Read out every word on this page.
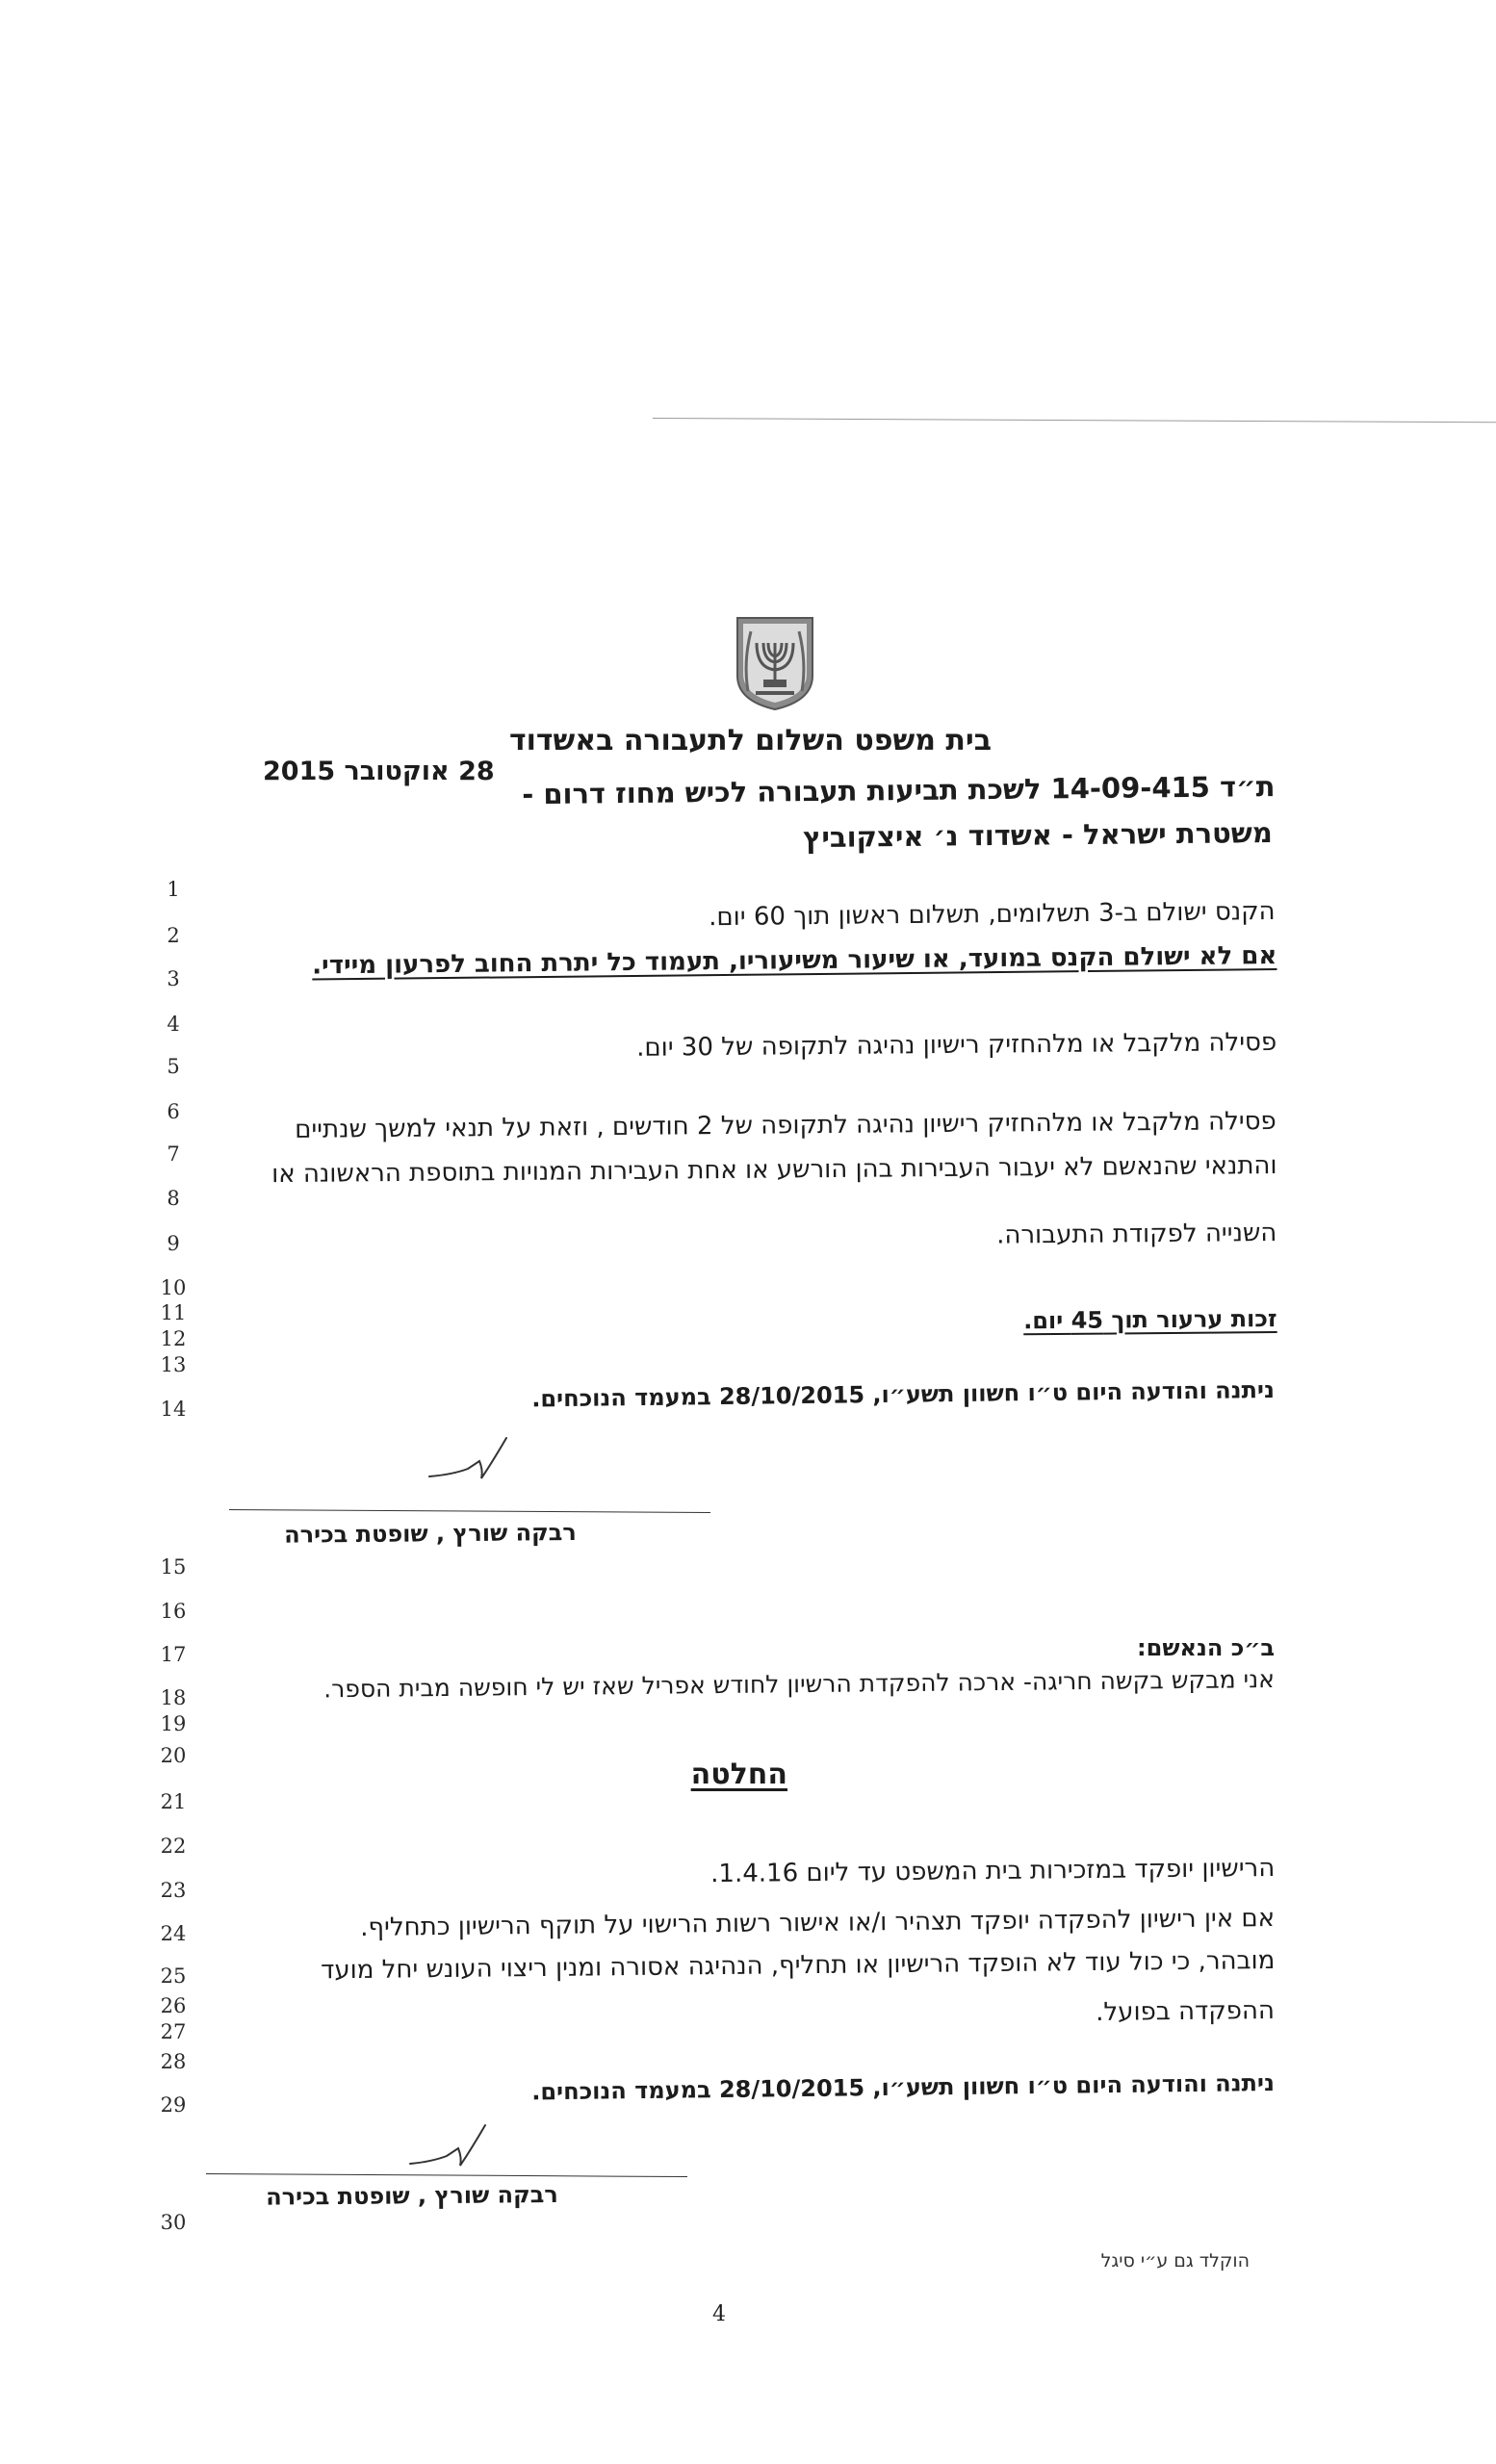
בית משפט השלום לתעבורה באשדוד
28 אוקטובר 2015
ת״ד 14-09-415 לשכת תביעות תעבורה לכיש מחוז דרום -
משטרת ישראל - אשדוד נ׳ איצקוביץ
1
2
3
4
5
6
7
8
9
10
11
12
13
14
15
16
17
18
19
20
21
22
23
24
25
26
27
28
29
30
הקנס ישולם ב-3 תשלומים, תשלום ראשון תוך 60 יום.
אם לא ישולם הקנס במועד, או שיעור משיעוריו, תעמוד כל יתרת החוב לפרעון מיידי.
פסילה מלקבל או מלהחזיק רישיון נהיגה לתקופה של 30 יום.
פסילה מלקבל או מלהחזיק רישיון נהיגה לתקופה של 2 חודשים , וזאת על תנאי למשך שנתיים
והתנאי שהנאשם לא יעבור העבירות בהן הורשע או אחת העבירות המנויות בתוספת הראשונה או
השנייה לפקודת התעבורה.
זכות ערעור תוך 45 יום.
ניתנה והודעה היום ט״ו חשוון תשע״ו, 28/10/2015 במעמד הנוכחים.
רבקה שורץ , שופטת בכירה
ב״כ הנאשם:
אני מבקש בקשה חריגה- ארכה להפקדת הרשיון לחודש אפריל שאז יש לי חופשה מבית הספר.
החלטה
הרישיון יופקד במזכירות בית המשפט עד ליום 1.4.16.
אם אין רישיון להפקדה יופקד תצהיר ו/או אישור רשות הרישוי על תוקף הרישיון כתחליף.
מובהר, כי כול עוד לא הופקד הרישיון או תחליף, הנהיגה אסורה ומנין ריצוי העונש יחל מועד
ההפקדה בפועל.
ניתנה והודעה היום ט״ו חשוון תשע״ו, 28/10/2015 במעמד הנוכחים.
רבקה שורץ , שופטת בכירה
הוקלד גם ע״י סיגל
4
